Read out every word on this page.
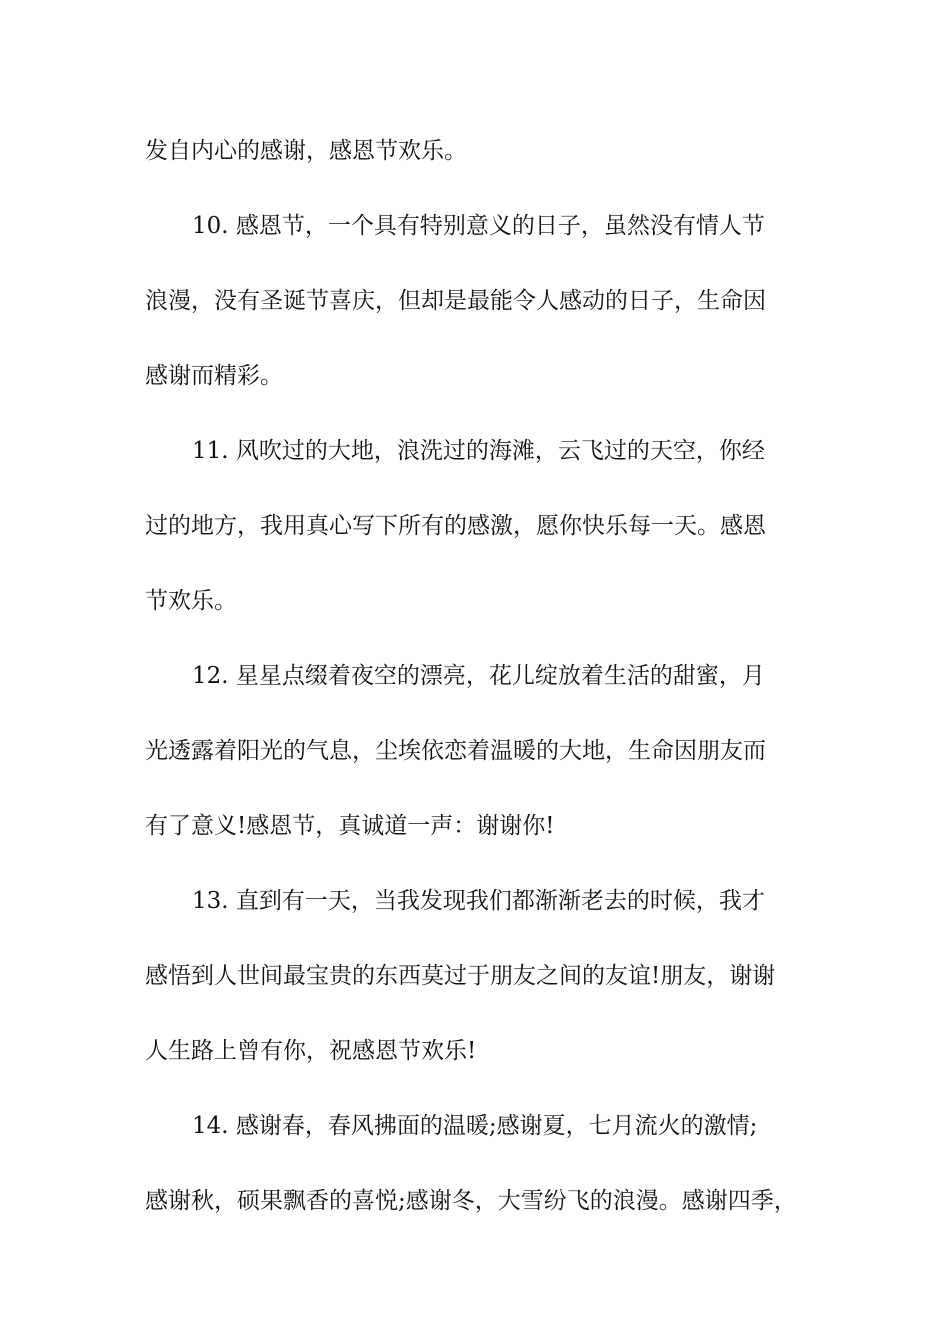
发自内心的感谢，感恩节欢乐。
10. 感恩节，一个具有特别意义的日子，虽然没有情人节
浪漫，没有圣诞节喜庆，但却是最能令人感动的日子，生命因
感谢而精彩。
11. 风吹过的大地，浪洗过的海滩，云飞过的天空，你经
过的地方，我用真心写下所有的感激，愿你快乐每一天。感恩
节欢乐。
12. 星星点缀着夜空的漂亮，花儿绽放着生活的甜蜜，月
光透露着阳光的气息，尘埃依恋着温暖的大地，生命因朋友而
有了意义!感恩节，真诚道一声：谢谢你!
13. 直到有一天，当我发现我们都渐渐老去的时候，我才
感悟到人世间最宝贵的东西莫过于朋友之间的友谊!朋友，谢谢
人生路上曾有你，祝感恩节欢乐!
14. 感谢春，春风拂面的温暖;感谢夏，七月流火的激情;
感谢秋，硕果飘香的喜悦;感谢冬，大雪纷飞的浪漫。感谢四季，
